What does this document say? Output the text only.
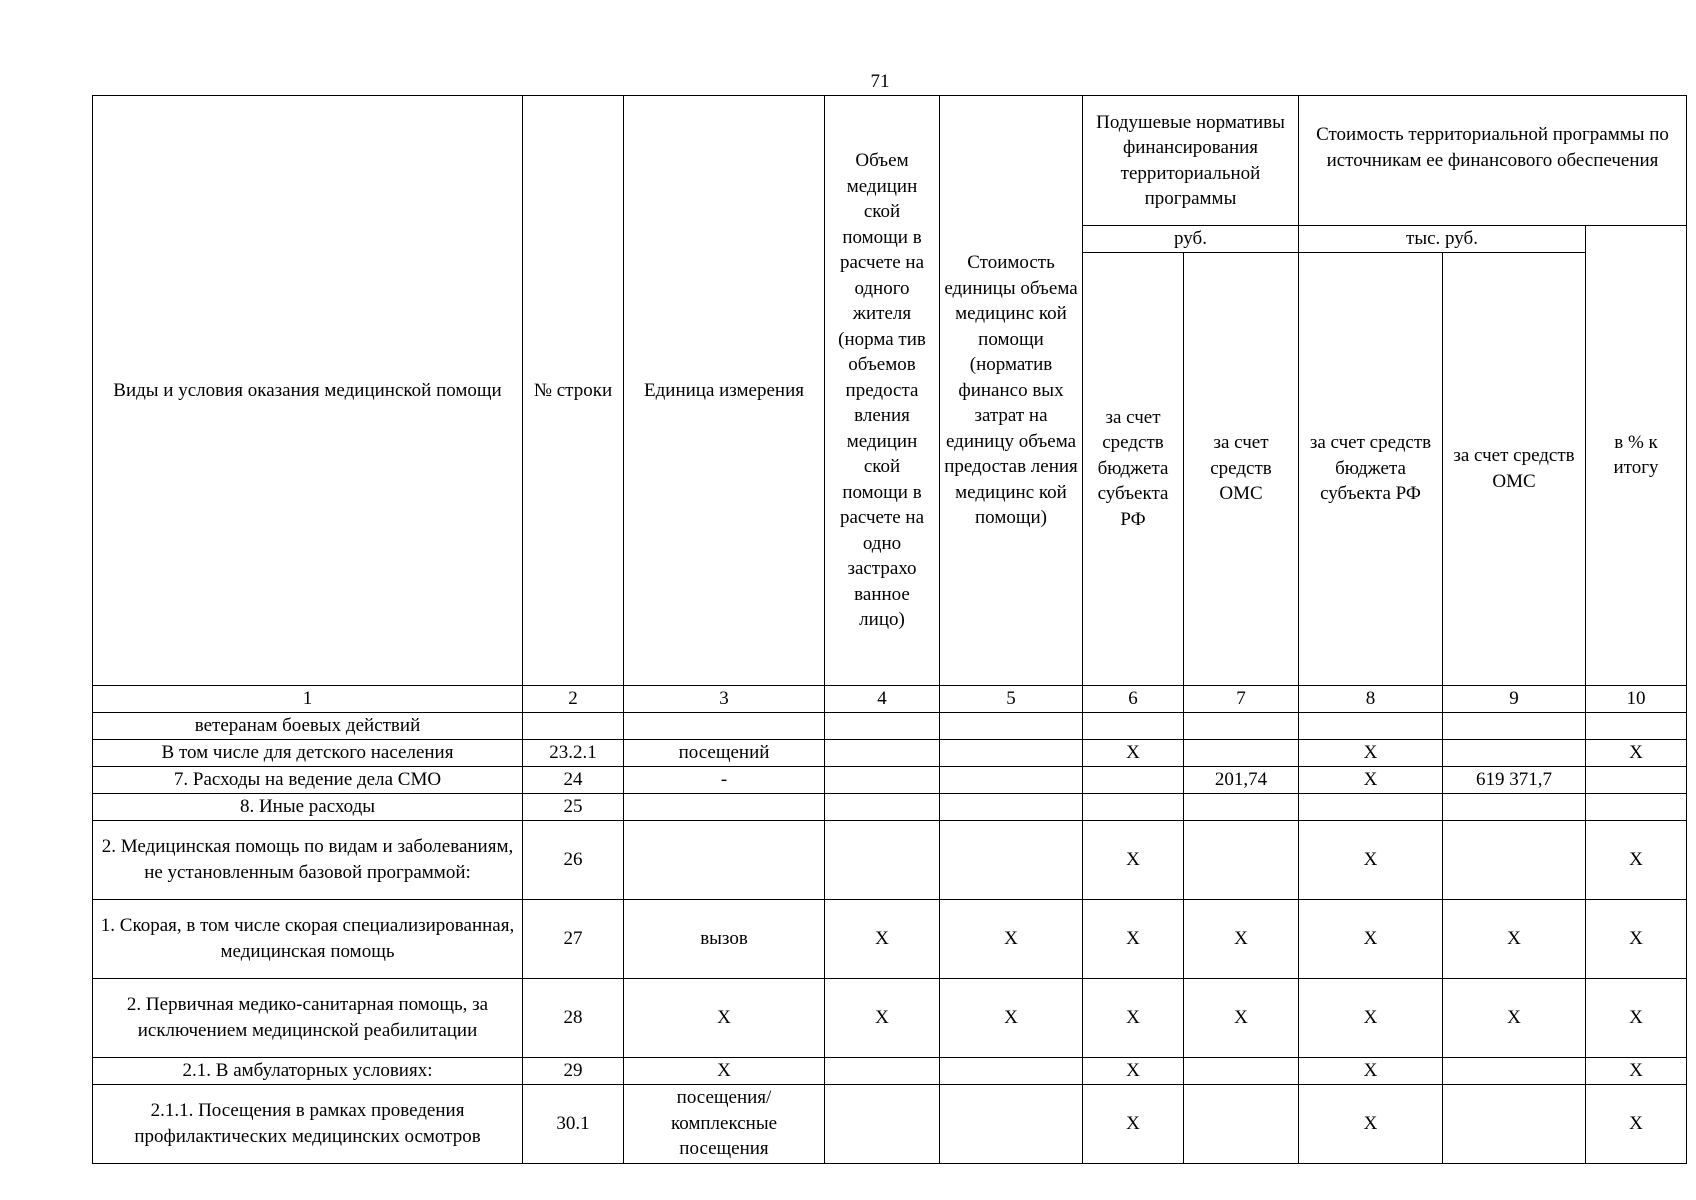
71
Виды и условия оказания медицинской помощи	№ строки	Единица измерения	Объем медицин ской помощи в расчете на одного жителя (норма тив объемов предоста вления медицин ской помощи в расчете на одно застрахо ванное лицо)	Стоимость единицы объема медицинс кой помощи (норматив финансо вых затрат на единицу объема предостав ления медицинс кой помощи)	Подушевые нормативы финансирования территориальной программы		Стоимость территориальной программы по источникам ее финансового обеспечения		
					руб.		тыс. руб.		в % к итогу
					за счет средств бюджета субъекта РФ	за счет средств ОМС	за счет средств бюджета субъекта РФ	за счет средств ОМС	
1	2	3	4	5	6	7	8	9	10
ветеранам боевых действий									
В том числе для детского населения	23.2.1	посещений			X		X		X
7. Расходы на ведение дела СМО	24	-				201,74	X	619 371,7	
8. Иные расходы	25								
2. Медицинская помощь по видам и заболеваниям, не установленным базовой программой:	26				X		X		X
1. Скорая, в том числе скорая специализированная, медицинская помощь	27	вызов	X	X	X	X	X	X	X
2. Первичная медико-санитарная помощь, за исключением медицинской реабилитации	28	X	X	X	X	X	X	X	X
2.1. В амбулаторных условиях:	29	X			X		X		X
2.1.1. Посещения в рамках проведения профилактических медицинских осмотров	30.1	посещения/ комплексные посещения			X		X		X
